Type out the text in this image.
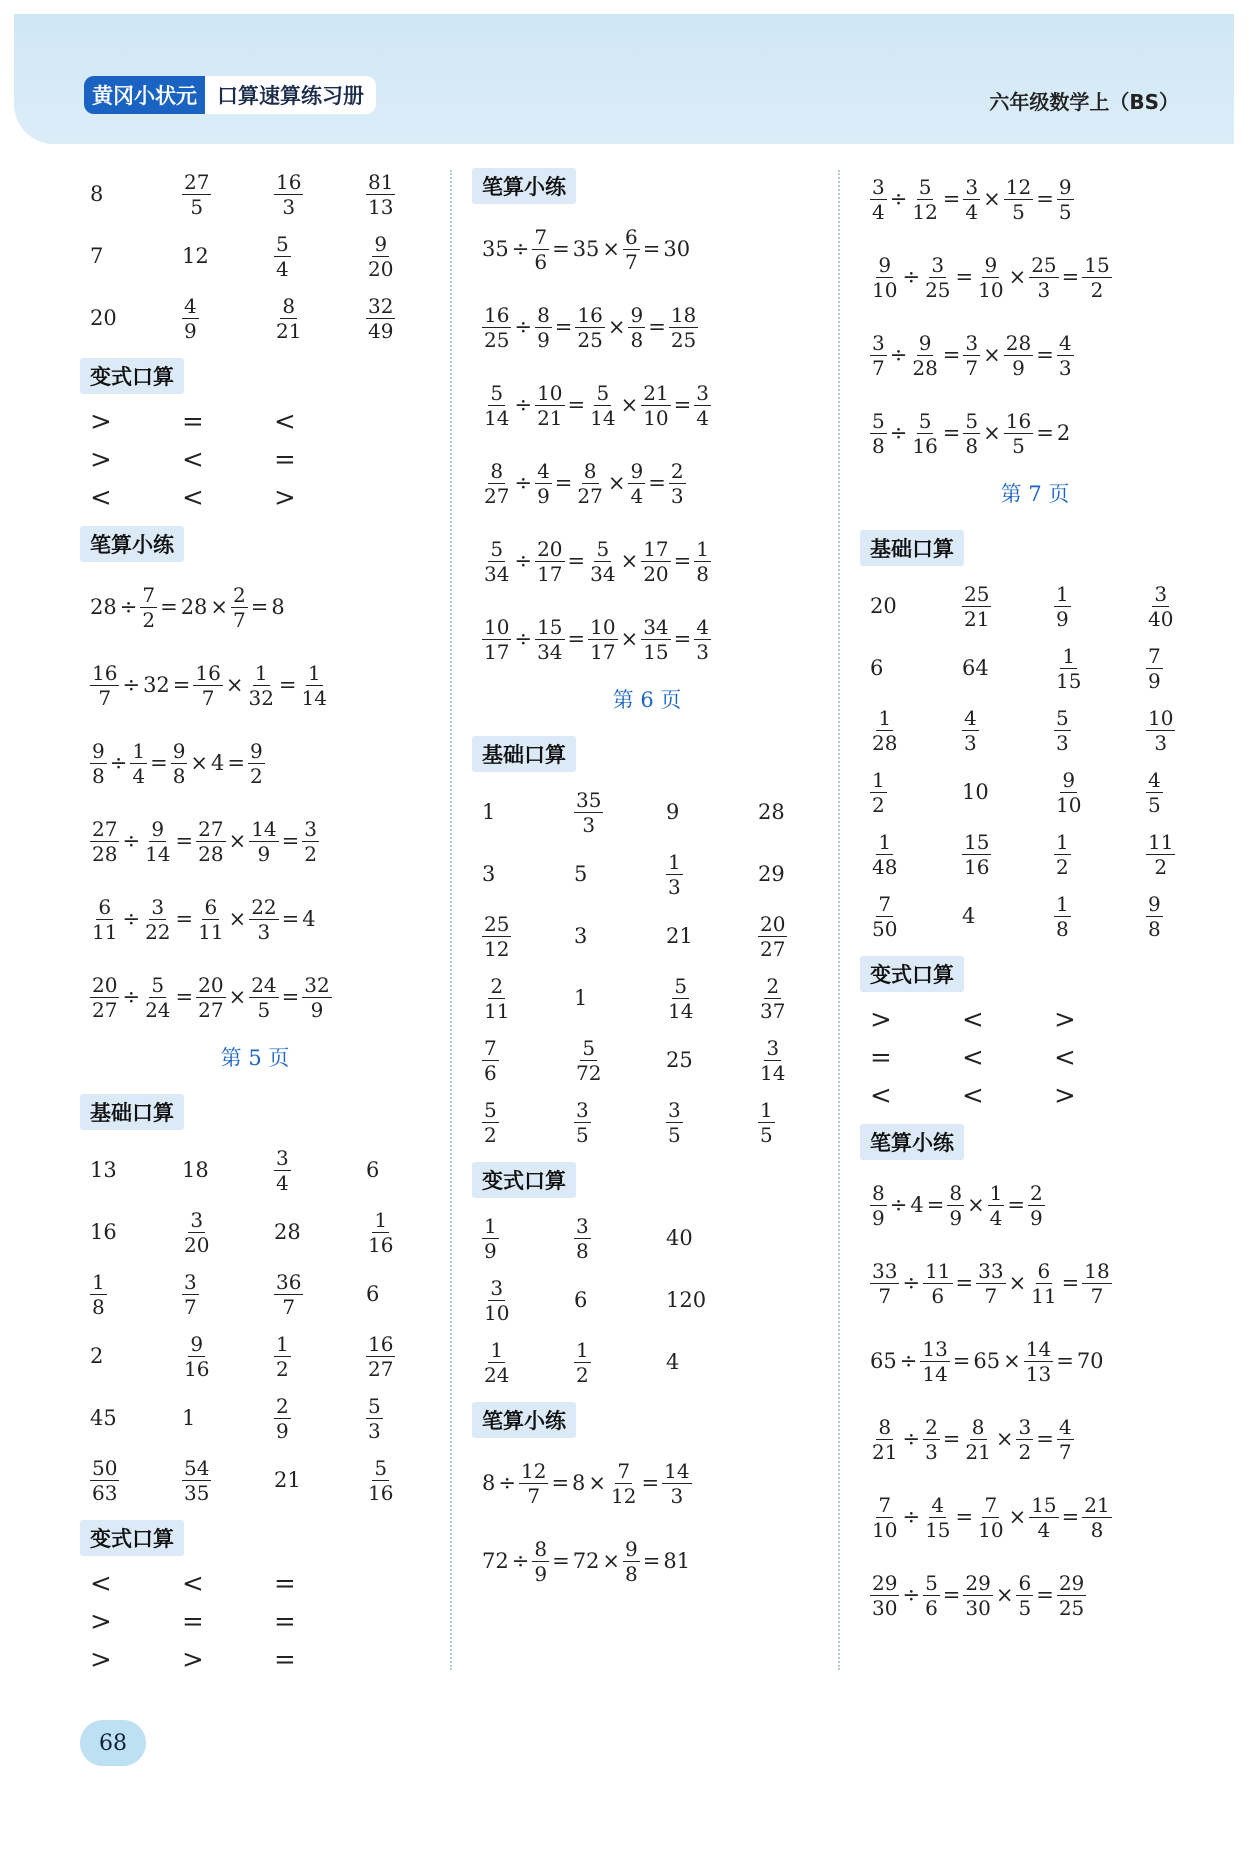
黄冈小状元 口算速算练习册	六年级数学上（BS）
8	$\frac{27}{5}$	$\frac{16}{3}$	$\frac{81}{13}$
7	12	$\frac{5}{4}$	$\frac{9}{20}$
20	$\frac{4}{9}$	$\frac{8}{21}$	$\frac{32}{49}$
变式口算
>	=	<
>	<	=
<	<	>
笔算小练
$28 \div \frac{7}{2} = 28 \times \frac{2}{7} = 8$
$\frac{16}{7} \div 32 = \frac{16}{7} \times \frac{1}{32} = \frac{1}{14}$
$\frac{9}{8} \div \frac{1}{4} = \frac{9}{8} \times 4 = \frac{9}{2}$
$\frac{27}{28} \div \frac{9}{14} = \frac{27}{28} \times \frac{14}{9} = \frac{3}{2}$
$\frac{6}{11} \div \frac{3}{22} = \frac{6}{11} \times \frac{22}{3} = 4$
$\frac{20}{27} \div \frac{5}{24} = \frac{20}{27} \times \frac{24}{5} = \frac{32}{9}$
第 5 页
基础口算
13	18	$\frac{3}{4}$	6
16	$\frac{3}{20}$	28	$\frac{1}{16}$
$\frac{1}{8}$	$\frac{3}{7}$	$\frac{36}{7}$	6
2	$\frac{9}{16}$	$\frac{1}{2}$	$\frac{16}{27}$
45	1	$\frac{2}{9}$	$\frac{5}{3}$
$\frac{50}{63}$	$\frac{54}{35}$	21	$\frac{5}{16}$
变式口算
<	<	=
>	=	=
>	>	=
笔算小练
$35 \div \frac{7}{6} = 35 \times \frac{6}{7} = 30$
$\frac{16}{25} \div \frac{8}{9} = \frac{16}{25} \times \frac{9}{8} = \frac{18}{25}$
$\frac{5}{14} \div \frac{10}{21} = \frac{5}{14} \times \frac{21}{10} = \frac{3}{4}$
$\frac{8}{27} \div \frac{4}{9} = \frac{8}{27} \times \frac{9}{4} = \frac{2}{3}$
$\frac{5}{34} \div \frac{20}{17} = \frac{5}{34} \times \frac{17}{20} = \frac{1}{8}$
$\frac{10}{17} \div \frac{15}{34} = \frac{10}{17} \times \frac{34}{15} = \frac{4}{3}$
第 6 页
基础口算
1	$\frac{35}{3}$	9	28
3	5	$\frac{1}{3}$	29
$\frac{25}{12}$	3	21	$\frac{20}{27}$
$\frac{2}{11}$	1	$\frac{5}{14}$	$\frac{2}{37}$
$\frac{7}{6}$	$\frac{5}{72}$	25	$\frac{3}{14}$
$\frac{5}{2}$	$\frac{3}{5}$	$\frac{3}{5}$	$\frac{1}{5}$
变式口算
$\frac{1}{9}$	$\frac{3}{8}$	40
$\frac{3}{10}$	6	120
$\frac{1}{24}$	$\frac{1}{2}$	4
笔算小练
$8 \div \frac{12}{7} = 8 \times \frac{7}{12} = \frac{14}{3}$
$72 \div \frac{8}{9} = 72 \times \frac{9}{8} = 81$
$\frac{3}{4} \div \frac{5}{12} = \frac{3}{4} \times \frac{12}{5} = \frac{9}{5}$
$\frac{9}{10} \div \frac{3}{25} = \frac{9}{10} \times \frac{25}{3} = \frac{15}{2}$
$\frac{3}{7} \div \frac{9}{28} = \frac{3}{7} \times \frac{28}{9} = \frac{4}{3}$
$\frac{5}{8} \div \frac{5}{16} = \frac{5}{8} \times \frac{16}{5} = 2$
第 7 页
基础口算
20	$\frac{25}{21}$	$\frac{1}{9}$	$\frac{3}{40}$
6	64	$\frac{1}{15}$	$\frac{7}{9}$
$\frac{1}{28}$	$\frac{4}{3}$	$\frac{5}{3}$	$\frac{10}{3}$
$\frac{1}{2}$	10	$\frac{9}{10}$	$\frac{4}{5}$
$\frac{1}{48}$	$\frac{15}{16}$	$\frac{1}{2}$	$\frac{11}{2}$
$\frac{7}{50}$	4	$\frac{1}{8}$	$\frac{9}{8}$
变式口算
>	<	>
=	<	<
<	<	>
笔算小练
$\frac{8}{9} \div 4 = \frac{8}{9} \times \frac{1}{4} = \frac{2}{9}$
$\frac{33}{7} \div \frac{11}{6} = \frac{33}{7} \times \frac{6}{11} = \frac{18}{7}$
$65 \div \frac{13}{14} = 65 \times \frac{14}{13} = 70$
$\frac{8}{21} \div \frac{2}{3} = \frac{8}{21} \times \frac{3}{2} = \frac{4}{7}$
$\frac{7}{10} \div \frac{4}{15} = \frac{7}{10} \times \frac{15}{4} = \frac{21}{8}$
$\frac{29}{30} \div \frac{5}{6} = \frac{29}{30} \times \frac{6}{5} = \frac{29}{25}$
68
